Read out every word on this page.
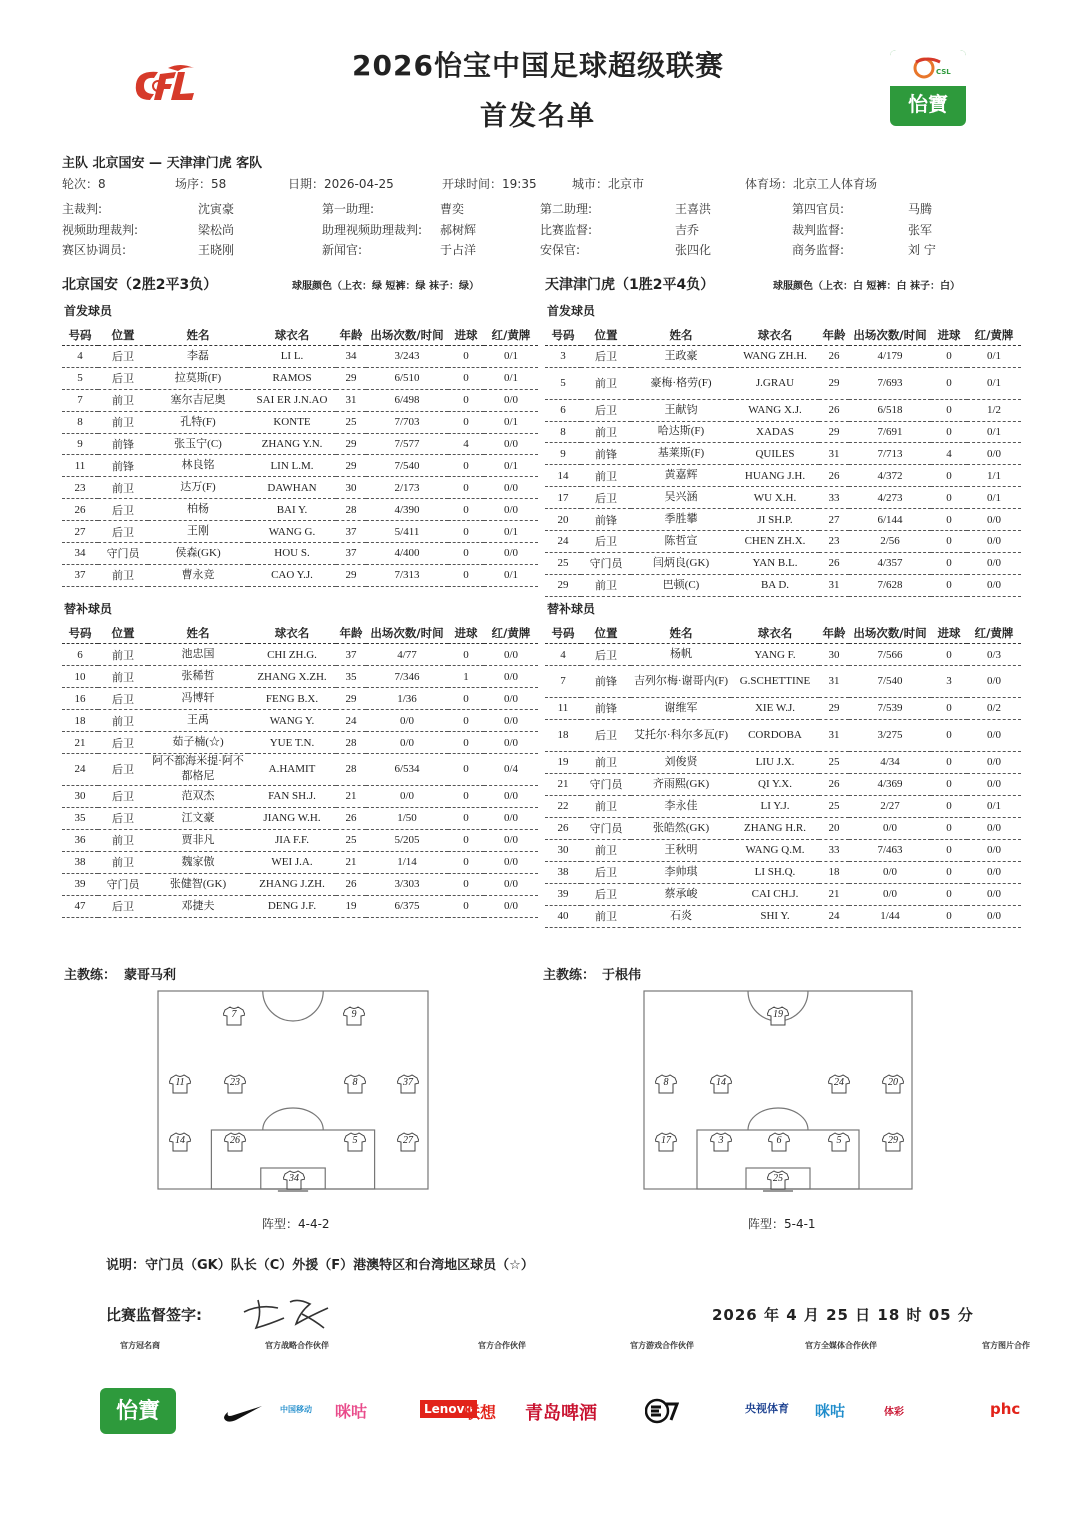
2026怡宝中国足球超级联赛
首发名单
CSL
怡寶
主队 北京国安 — 天津津门虎 客队
轮次：8	场序：58	日期：2026-04-25	开球时间：19:35	城市：北京市	体育场：北京工人体育场
主裁判:	沈寅豪	第一助理:	曹奕	第二助理:	王喜洪	第四官员:	马腾
视频助理裁判:	梁松尚	助理视频助理裁判: 郝树辉	比赛监督:	吉乔	裁判监督:	张军
赛区协调员:	王晓刚	新闻官:	于占洋	安保官:	张四化	商务监督:	刘 宁
北京国安（2胜2平3负）	球服颜色（上衣：绿 短裤：绿 袜子：绿）	天津津门虎（1胜2平4负）	球服颜色（上衣：白 短裤：白 袜子：白）
首发球员	首发球员
替补球员	替补球员
号码	位置	姓名	球衣名	年龄	出场次数/时间	进球	红/黄牌
4	后卫	李磊	LI L.	34	3/243	0	0/1
5	后卫	拉莫斯(F)	RAMOS	29	6/510	0	0/1
7	前卫	塞尔吉尼奥	SAI ER J.N.AO	31	6/498	0	0/0
8	前卫	孔特(F)	KONTE	25	7/703	0	0/1
9	前锋	张玉宁(C)	ZHANG Y.N.	29	7/577	4	0/0
11	前锋	林良铭	LIN L.M.	29	7/540	0	0/1
23	前卫	达万(F)	DAWHAN	30	2/173	0	0/0
26	后卫	柏杨	BAI Y.	28	4/390	0	0/0
27	后卫	王刚	WANG G.	37	5/411	0	0/1
34	守门员	侯森(GK)	HOU S.	37	4/400	0	0/0
37	前卫	曹永竞	CAO Y.J.	29	7/313	0	0/1
号码	位置	姓名	球衣名	年龄	出场次数/时间	进球	红/黄牌
3	后卫	王政豪	WANG ZH.H.	26	4/179	0	0/1
5	前卫	豪梅·格劳(F)	J.GRAU	29	7/693	0	0/1
6	后卫	王献钧	WANG X.J.	26	6/518	0	1/2
8	前卫	哈达斯(F)	XADAS	29	7/691	0	0/1
9	前锋	基莱斯(F)	QUILES	31	7/713	4	0/0
14	前卫	黄嘉辉	HUANG J.H.	26	4/372	0	1/1
17	后卫	吴兴涵	WU X.H.	33	4/273	0	0/1
20	前锋	季胜攀	JI SH.P.	27	6/144	0	0/0
24	后卫	陈哲宣	CHEN ZH.X.	23	2/56	0	0/0
25	守门员	闫炳良(GK)	YAN B.L.	26	4/357	0	0/0
29	前卫	巴顿(C)	BA D.	31	7/628	0	0/0
号码	位置	姓名	球衣名	年龄	出场次数/时间	进球	红/黄牌
6	前卫	池忠国	CHI ZH.G.	37	4/77	0	0/0
10	前卫	张稀哲	ZHANG X.ZH.	35	7/346	1	0/0
16	后卫	冯博轩	FENG B.X.	29	1/36	0	0/0
18	前卫	王禹	WANG Y.	24	0/0	0	0/0
21	后卫	茹子楠(☆)	YUE T.N.	28	0/0	0	0/0
24	后卫	阿不都海米提·阿不都格尼	A.HAMIT	28	6/534	0	0/4
30	后卫	范双杰	FAN SH.J.	21	0/0	0	0/0
35	后卫	江文豪	JIANG W.H.	26	1/50	0	0/0
36	前卫	贾非凡	JIA F.F.	25	5/205	0	0/0
38	前卫	魏家傲	WEI J.A.	21	1/14	0	0/0
39	守门员	张健智(GK)	ZHANG J.ZH.	26	3/303	0	0/0
47	后卫	邓捷夫	DENG J.F.	19	6/375	0	0/0
号码	位置	姓名	球衣名	年龄	出场次数/时间	进球	红/黄牌
4	后卫	杨帆	YANG F.	30	7/566	0	0/3
7	前锋	吉列尔梅·谢哥内(F)	G.SCHETTINE	31	7/540	3	0/0
11	前锋	谢维军	XIE W.J.	29	7/539	0	0/2
18	后卫	艾托尔·科尔多瓦(F)	CORDOBA	31	3/275	0	0/0
19	前卫	刘俊贤	LIU J.X.	25	4/34	0	0/0
21	守门员	齐雨熙(GK)	QI Y.X.	26	4/369	0	0/0
22	前卫	李永佳	LI Y.J.	25	2/27	0	0/1
26	守门员	张皓然(GK)	ZHANG H.R.	20	0/0	0	0/0
30	前卫	王秋明	WANG Q.M.	33	7/463	0	0/0
38	后卫	李帅琪	LI SH.Q.	18	0/0	0	0/0
39	后卫	蔡承峻	CAI CH.J.	21	0/0	0	0/0
40	前卫	石炎	SHI Y.	24	1/44	0	0/0
主教练： 蒙哥马利	主教练： 于根伟
7	9
11	23	8	37
14	26	5	27
34
19
8	14	24	20
17	3	6	5	29
25
阵型：4-4-2	阵型：5-4-1
说明：守门员（GK）队长（C）外援（F）港澳特区和台湾地区球员（☆）
比赛监督签字:	2026 年 4 月 25 日 18 时 05 分
官方冠名商	官方战略合作伙伴	官方合作伙伴	官方游戏合作伙伴	官方全媒体合作伙伴	官方图片合作
怡寶	中国移动 咪咕	Lenovo
联想 青岛啤酒	央视体育 咪咕	体彩	phc
